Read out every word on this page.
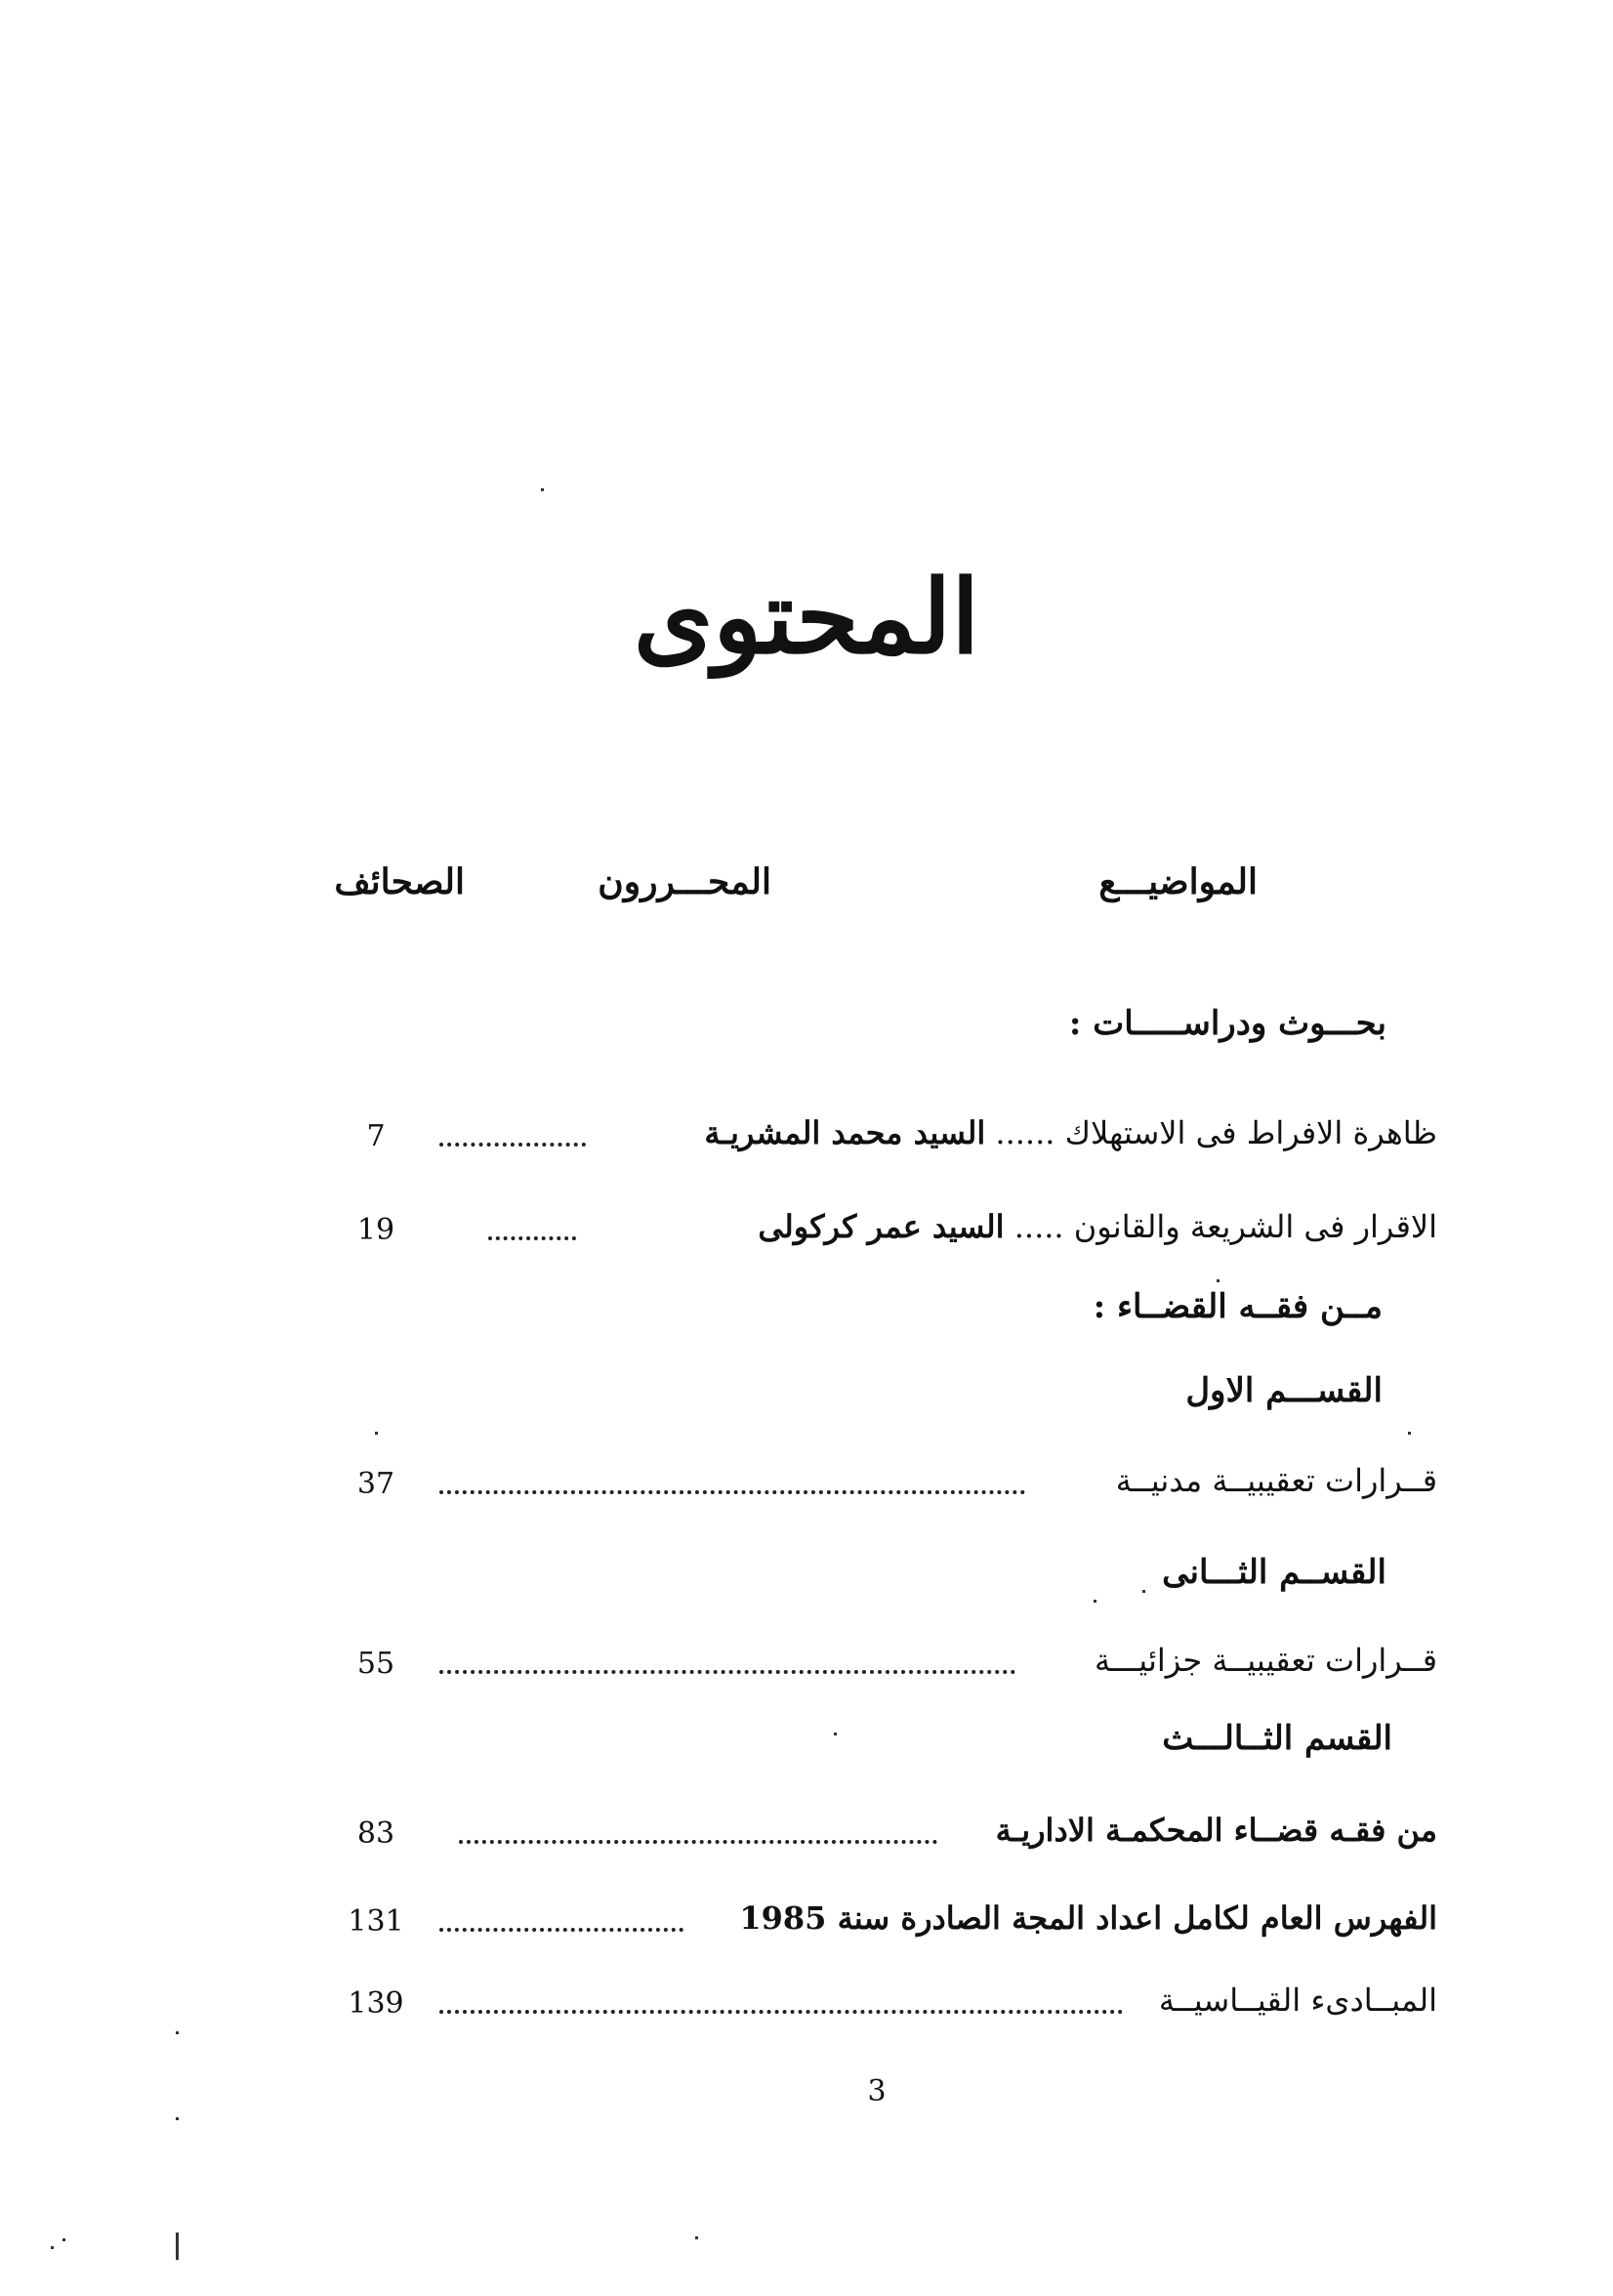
المحتوى
المواضيـــع
المحـــررون
الصحائف
بحـــوث ودراســـــات :
ظاهرة الافراط فى الاستهلاك ...... السيد محمد المشريـة
7
الاقرار فى الشريعة والقانون ..... السيد عمر كركولى
19
مــن فقــه القضــاء :
القســـم الاول
قــرارات تعقيبيــة مدنيــة
37
القســم الثـــانى
قــرارات تعقيبيــة جزائيـــة
55
القسم الثــالـــث
من فقـه قضــاء المحكمـة الاداريـة
83
الفهرس العام لكامل اعداد المجة الصادرة سنة 1985
131
المبــادىء القيــاسيــة
139
3
